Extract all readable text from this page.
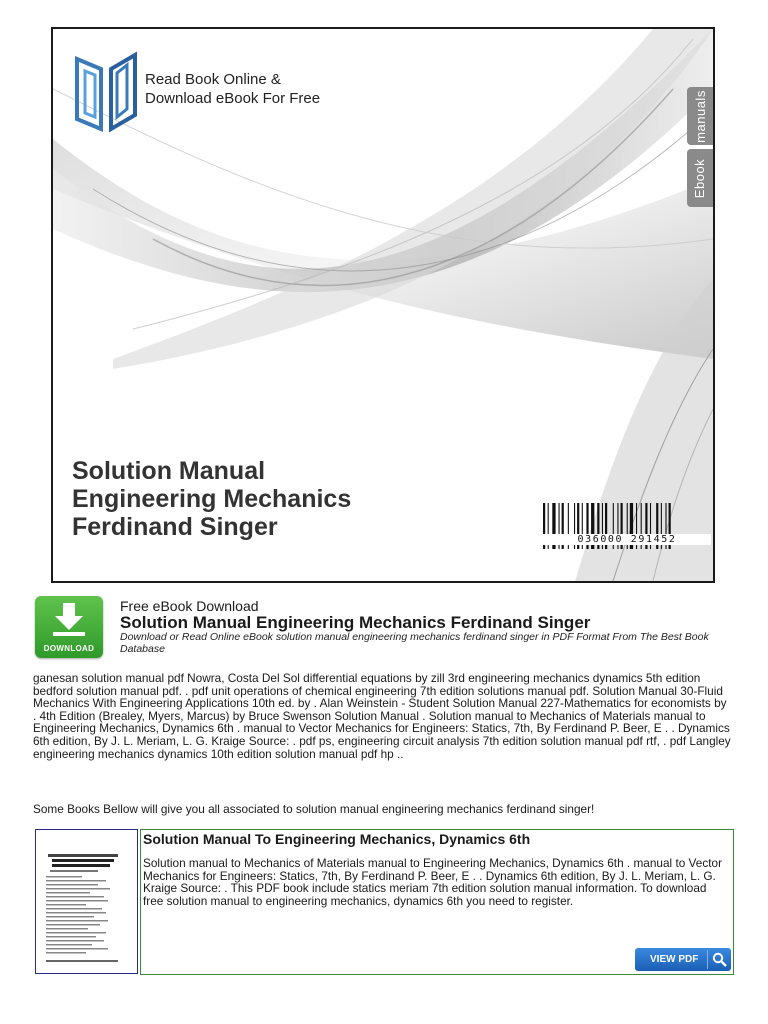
Read Book Online &
Download eBook For Free	manuals
Ebook
Solution Manual
Engineering Mechanics
Ferdinand Singer	036000 291452
DOWNLOAD
Free eBook Download
Solution Manual Engineering Mechanics Ferdinand Singer
Download or Read Online eBook solution manual engineering mechanics ferdinand singer in PDF Format From The Best Book Database
ganesan solution manual pdf Nowra, Costa Del Sol differential equations by zill 3rd engineering mechanics dynamics 5th edition bedford solution manual pdf. . pdf unit operations of chemical engineering 7th edition solutions manual pdf. Solution Manual 30-Fluid Mechanics With Engineering Applications 10th ed. by . Alan Weinstein - Student Solution Manual 227-Mathematics for economists by . 4th Edition (Brealey, Myers, Marcus) by Bruce Swenson Solution Manual . Solution manual to Mechanics of Materials manual to Engineering Mechanics, Dynamics 6th . manual to Vector Mechanics for Engineers: Statics, 7th, By Ferdinand P. Beer, E . . Dynamics 6th edition, By J. L. Meriam, L. G. Kraige Source: . pdf ps, engineering circuit analysis 7th edition solution manual pdf rtf, . pdf Langley engineering mechanics dynamics 10th edition solution manual pdf hp ..
Some Books Bellow will give you all associated to solution manual engineering mechanics ferdinand singer!
Solution Manual To Engineering Mechanics, Dynamics 6th
Solution manual to Mechanics of Materials manual to Engineering Mechanics, Dynamics 6th . manual to Vector Mechanics for Engineers: Statics, 7th, By Ferdinand P. Beer, E . . Dynamics 6th edition, By J. L. Meriam, L. G. Kraige Source: . This PDF book include statics meriam 7th edition solution manual information. To download free solution manual to engineering mechanics, dynamics 6th you need to register.
VIEW PDF
